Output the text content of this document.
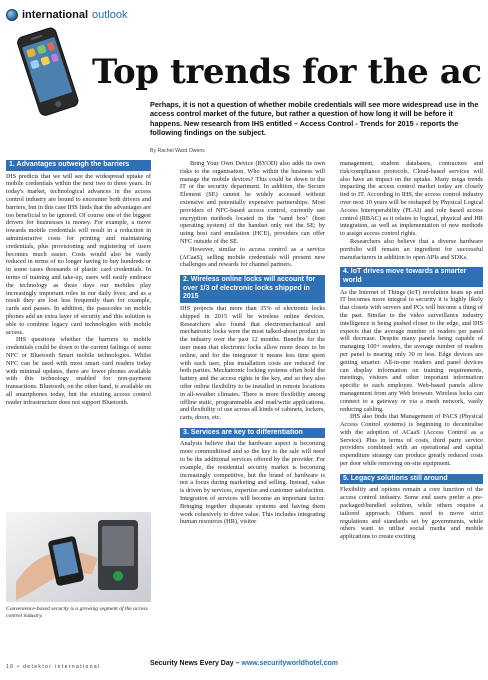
international outlook
Top trends for the ac
Perhaps, it is not a question of whether mobile credentials will see more widespread use in the access control market of the future, but rather a question of how long it will be before it happens. New research from IHS entitled – Access Control - Trends for 2015 - reports the following findings on the subject.
By Rachel Ward Owens
1. Advantages outweigh the barriers

IHS predicts that we will see the widespread uptake of mobile credentials within the next two to three years. In today's market, technological advances in the access control industry are bound to encounter both drivers and barriers, but in this case IHS finds that the advantages are too beneficial to be ignored. Of course one of the biggest drivers for businesses is money. For example, a move towards mobile credentials will result in a reduction in administrative costs for printing and maintaining credentials, plus provisioning and registering of users becomes much easier. Costs would also be vastly reduced in terms of no longer having to buy hundreds or in some cases thousands of plastic card credentials. In terms of training and take-up, users will easily embrace the technology as these days our mobiles play increasingly important roles in our daily lives; and as a result they are lost less frequently than for example, cards and passes. In addition, the passcodes on mobile phones add an extra layer of security and this solution is able to combine legacy card technologies with mobile access.

IHS questions whether the barriers to mobile credentials could be down to the current failings of some NFC or Bluetooth Smart mobile technologies. Whilst NFC can be used with most smart card readers today with minimal updates, there are fewer phones available with this technology enabled for non-payment transactions. Bluetooth, on the other hand, is available on all smartphones today, but the existing access control reader infrastructure does not support Bluetooth.

Convenience-based security is a growing segment of the access control industry.

Bring Your Own Device (BYOD) also adds its own risks to the organisation. Who within the business will manage the mobile devices? This could be down to the IT or the security department. In addition, the Secure Element (SE) cannot be widely accessed without extensive and potentially expensive partnerships. Most providers of NFC-based access control, currently use encryption methods located in the "sand box" (host operating system) of the handset only not the SE; by using host card emulation (HCE), providers can offer NFC outside of the SE.

However, similar to access control as a service (ACaaS), selling mobile credentials will present new challenges and rewards for channel partners.

2. Wireless online locks will account for over 1/3 of electronic locks shipped in 2015

IHS projects that more than 35% of electronic locks shipped in 2015 will be wireless online devices. Researchers also found that electromechanical and mechatronic locks were the most talked-about product in the industry over the past 12 months. Benefits for the user mean that electronic locks allow more doors to be online, and for the integrator it means less time spent with each user, plus installation costs are reduced for both parties. Mechatronic locking systems often hold the battery and the access rights in the key, and so they also offer online flexibility to be installed in remote locations in all-weather climates. There is more flexibility among offline static, programmable and read/write applications, and flexibility of use across all kinds of cabinets, lockers, carts, doors, etc.

3. Services are key to differentiation

Analysts believe that the hardware aspect is becoming more commoditised and so the key to the sale will need to be the additional services offered by the provider. For example, the residential security market is becoming increasingly competitive, but the brand of hardware is not a focus during marketing and selling. Instead, value is driven by services, expertise and customer satisfaction. Integration of services will become an important factor. Bringing together disparate systems and having them work cohesively to drive value. This includes integrating human resources (HR), visitor

management, student databases, contractors and risk/compliance protocols. Cloud-based services will also have an impact on the uptake. Many mega trends impacting the access control market today are closely tied to IT. According to IHS, the access control industry over next 10 years will be reshaped by Physical Logical Access Interoperability (PLAI) and role based access control (RBAC) as it relates to logical, physical and HR integration, as well as implementation of new methods to assign access control rights.

Researchers also believe that a diverse hardware portfolio will remain an ingredient for successful manufacturers in addition to open APIs and SDKs.

4. IoT drives move towards a smarter world

As the Internet of Things (IoT) revolution heats up and IT becomes more integral to security it is highly likely that closets with servers and PCs will become a thing of the past. Similar to the video surveillance industry intelligence is being pushed closer to the edge, and IHS expects that the average number of readers per panel will decrease. Despite many panels being capable of managing 100+ readers, the average number of readers per panel is nearing only 30 or less. Edge devices are getting smarter. All-in-one readers and panel devices can display information on training requirements, meetings, visitors and other important information specific to each employee. Web-based panels allow management from any Web browser. Wireless locks can connect to a gateway or via a mesh network, vastly reducing cabling.

IHS also finds that Management of PACS (Physical Access Control systems) is beginning to decentralise with the adoption of ACaaS (Access Control as a Service). Plus in terms of costs, third party service providers combined with an operational and capital expenditure strategy can produce greatly reduced costs per door while removing on-site equipment.

5. Legacy solutions still around

Flexibility and options remain a core function of the access control industry. Some end users prefer a pre-packaged/bundled solution, while others require a tailored approach. Others need to move strict regulations and standards set by governments, while others want to utilise social media and mobile applications to create exciting

16 • detektor international	Security News Every Day – www.securityworldhotel.com
